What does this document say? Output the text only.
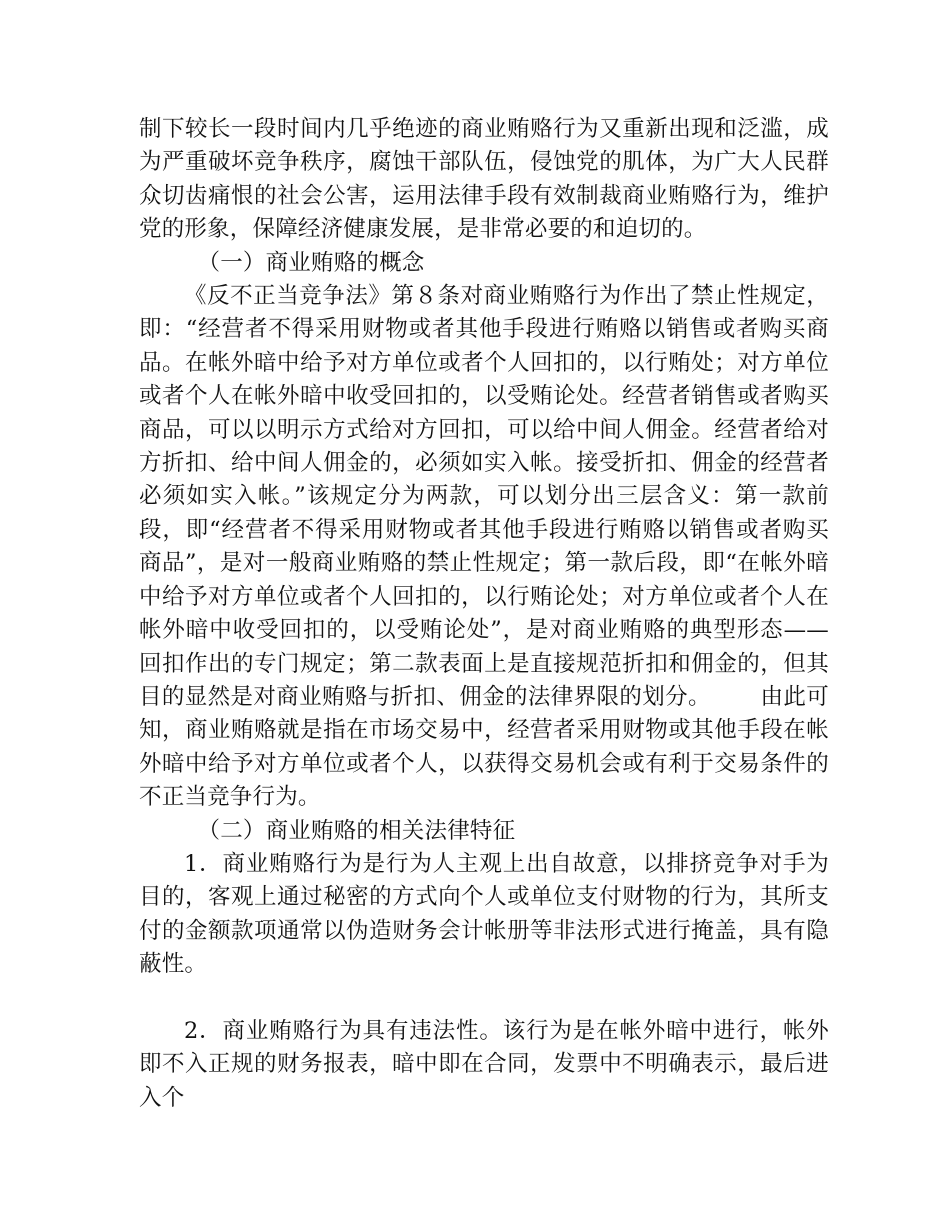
制下较长一段时间内几乎绝迹的商业贿赂行为又重新出现和泛滥，成为严重破坏竞争秩序，腐蚀干部队伍，侵蚀党的肌体，为广大人民群众切齿痛恨的社会公害，运用法律手段有效制裁商业贿赂行为，维护党的形象，保障经济健康发展，是非常必要的和迫切的。

（一）商业贿赂的概念

《反不正当竞争法》第８条对商业贿赂行为作出了禁止性规定，即：“经营者不得采用财物或者其他手段进行贿赂以销售或者购买商品。在帐外暗中给予对方单位或者个人回扣的，以行贿处；对方单位或者个人在帐外暗中收受回扣的，以受贿论处。经营者销售或者购买商品，可以以明示方式给对方回扣，可以给中间人佣金。经营者给对方折扣、给中间人佣金的，必须如实入帐。接受折扣、佣金的经营者必须如实入帐。”该规定分为两款，可以划分出三层含义：第一款前段，即“经营者不得采用财物或者其他手段进行贿赂以销售或者购买商品”，是对一般商业贿赂的禁止性规定；第一款后段，即“在帐外暗中给予对方单位或者个人回扣的，以行贿论处；对方单位或者个人在帐外暗中收受回扣的，以受贿论处”，是对商业贿赂的典型形态——回扣作出的专门规定；第二款表面上是直接规范折扣和佣金的，但其目的显然是对商业贿赂与折扣、佣金的法律界限的划分。 由此可知，商业贿赂就是指在市场交易中，经营者采用财物或其他手段在帐外暗中给予对方单位或者个人，以获得交易机会或有利于交易条件的不正当竞争行为。

（二）商业贿赂的相关法律特征

1．商业贿赂行为是行为人主观上出自故意，以排挤竞争对手为目的，客观上通过秘密的方式向个人或单位支付财物的行为，其所支付的金额款项通常以伪造财务会计帐册等非法形式进行掩盖，具有隐蔽性。

2．商业贿赂行为具有违法性。该行为是在帐外暗中进行，帐外即不入正规的财务报表，暗中即在合同，发票中不明确表示，最后进入个
